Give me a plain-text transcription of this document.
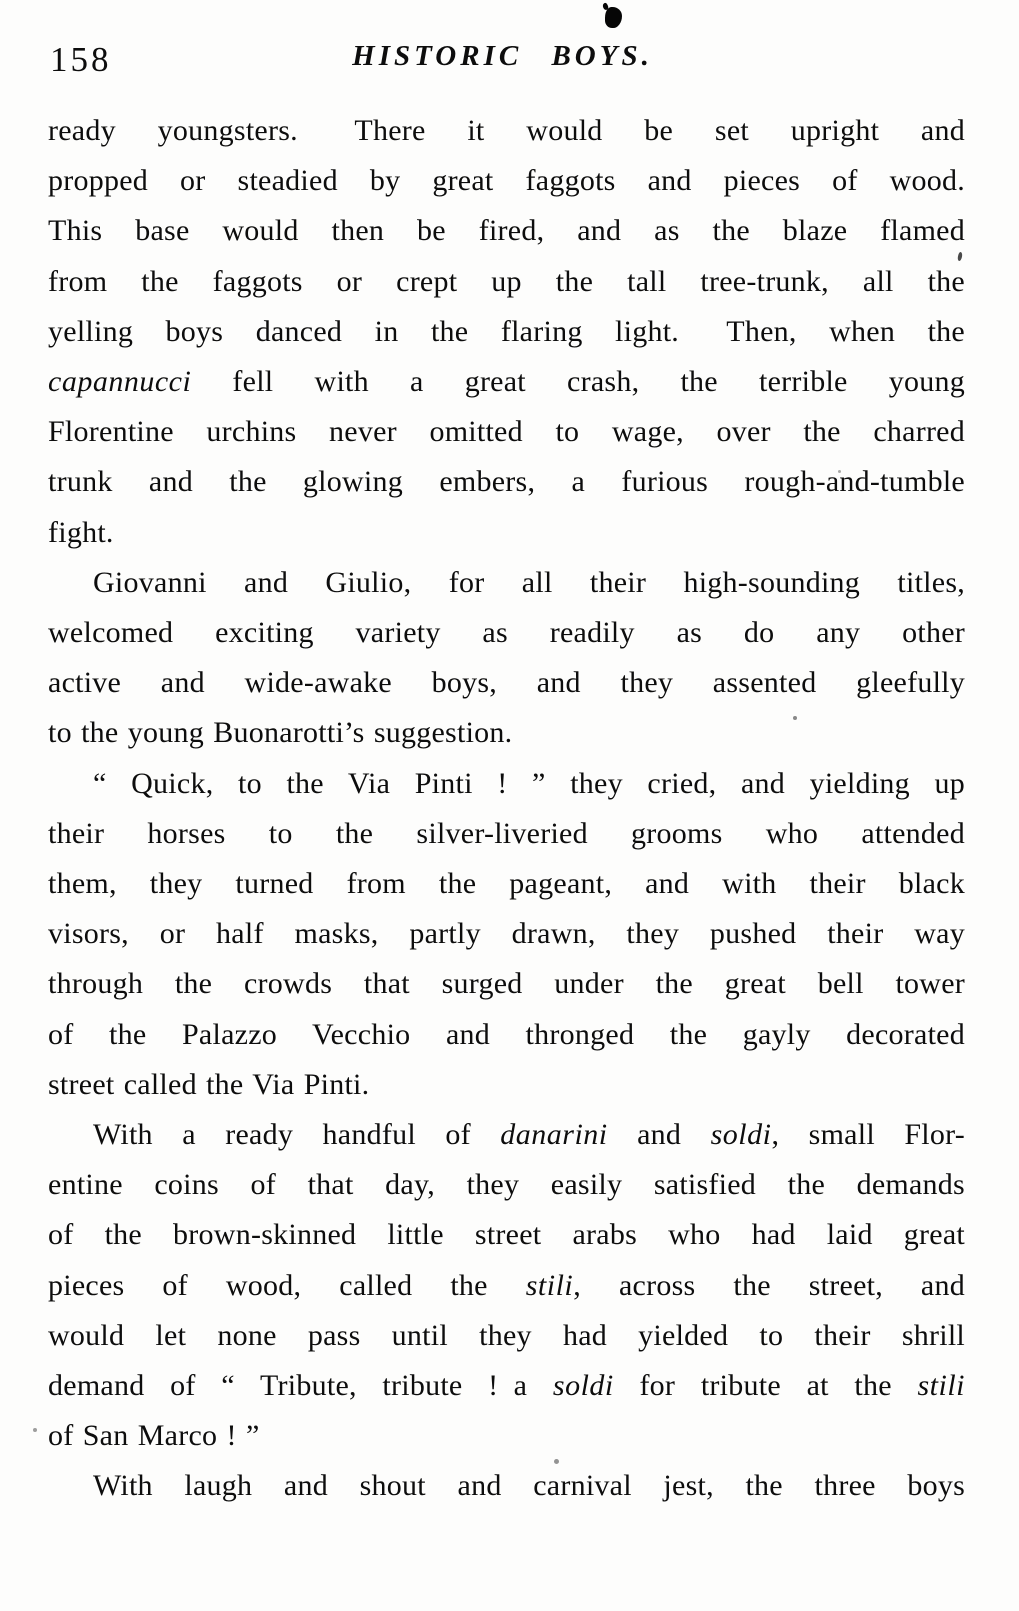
158	HISTORIC BOYS.
ready youngsters.  There it would be set upright and
propped or steadied by great faggots and pieces of wood.
This base would then be fired, and as the blaze flamed
from the faggots or crept up the tall tree-trunk, all the
yelling boys danced in the flaring light.  Then, when the
capannucci fell with a great crash, the terrible young
Florentine urchins never omitted to wage, over the charred
trunk and the glowing embers, a furious rough-and-tumble
fight.
Giovanni and Giulio, for all their high-sounding titles,
welcomed exciting variety as readily as do any other
active and wide-awake boys, and they assented gleefully
to the young Buonarotti’s suggestion.
“ Quick, to the Via Pinti ! ” they cried, and yielding up
their horses to the silver-liveried grooms who attended
them, they turned from the pageant, and with their black
visors, or half masks, partly drawn, they pushed their way
through the crowds that surged under the great bell tower
of the Palazzo Vecchio and thronged the gayly decorated
street called the Via Pinti.
With a ready handful of danarini and soldi, small Flor-
entine coins of that day, they easily satisfied the demands
of the brown-skinned little street arabs who had laid great
pieces of wood, called the stili, across the street, and
would let none pass until they had yielded to their shrill
demand of “ Tribute, tribute ! a soldi for tribute at the stili
of San Marco ! ”
With laugh and shout and carnival jest, the three boys
